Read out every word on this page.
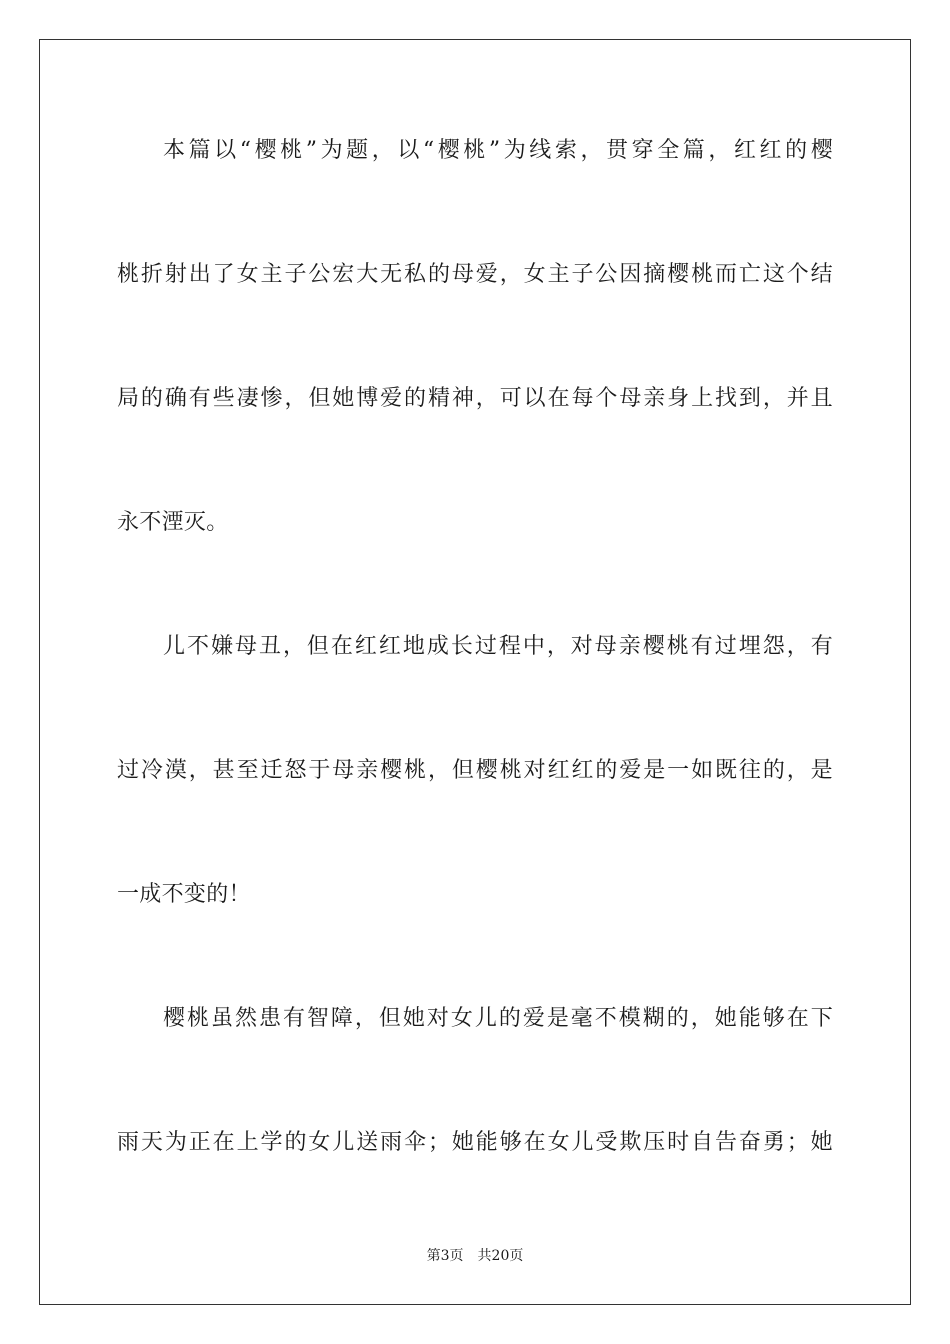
本篇以“樱桃”为题，以“樱桃”为线索，贯穿全篇，红红的樱
桃折射出了女主子公宏大无私的母爱，女主子公因摘樱桃而亡这个结
局的确有些凄惨，但她博爱的精神，可以在每个母亲身上找到，并且
永不湮灭。
儿不嫌母丑，但在红红地成长过程中，对母亲樱桃有过埋怨，有
过冷漠，甚至迁怒于母亲樱桃，但樱桃对红红的爱是一如既往的，是
一成不变的！
樱桃虽然患有智障，但她对女儿的爱是毫不模糊的，她能够在下
雨天为正在上学的女儿送雨伞；她能够在女儿受欺压时自告奋勇；她
第3页 共20页
